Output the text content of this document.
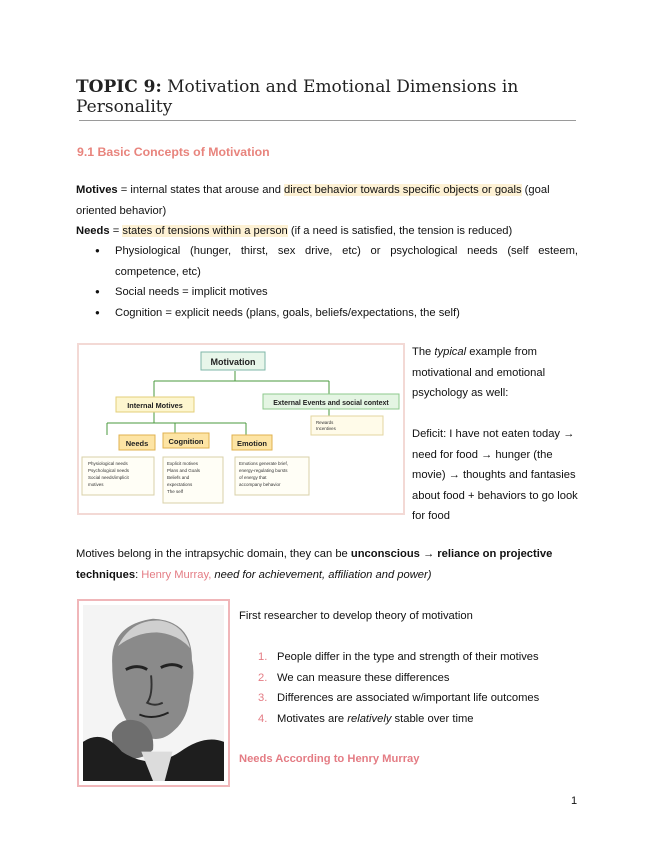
TOPIC 9: Motivation and Emotional Dimensions in Personality
9.1 Basic Concepts of Motivation
Motives = internal states that arouse and direct behavior towards specific objects or goals (goal oriented behavior)
Needs = states of tensions within a person (if a need is satisfied, the tension is reduced)
● Physiological (hunger, thirst, sex drive, etc) or psychological needs (self esteem, competence, etc)
● Social needs = implicit motives
● Cognition = explicit needs (plans, goals, beliefs/expectations, the self)
Motivation
Internal Motives	External Events and social context
Rewards Incentives
Needs	Cognition	Emotion
Physiological needs Psychological needs Social needs/implicit motives
Explicit motives Plans and Goals Beliefs and expectations The self
Emotions generate brief, energy-regulating bursts of energy that accompany behavior
The typical example from motivational and emotional psychology as well:
Deficit: I have not eaten today → need for food → hunger (the movie) → thoughts and fantasies about food + behaviors to go look for food
Motives belong in the intrapsychic domain, they can be unconscious → reliance on projective techniques: Henry Murray, need for achievement, affiliation and power)
First researcher to develop theory of motivation
1. People differ in the type and strength of their motives
2. We can measure these differences
3. Differences are associated w/important life outcomes
4. Motivates are relatively stable over time
Needs According to Henry Murray
1
